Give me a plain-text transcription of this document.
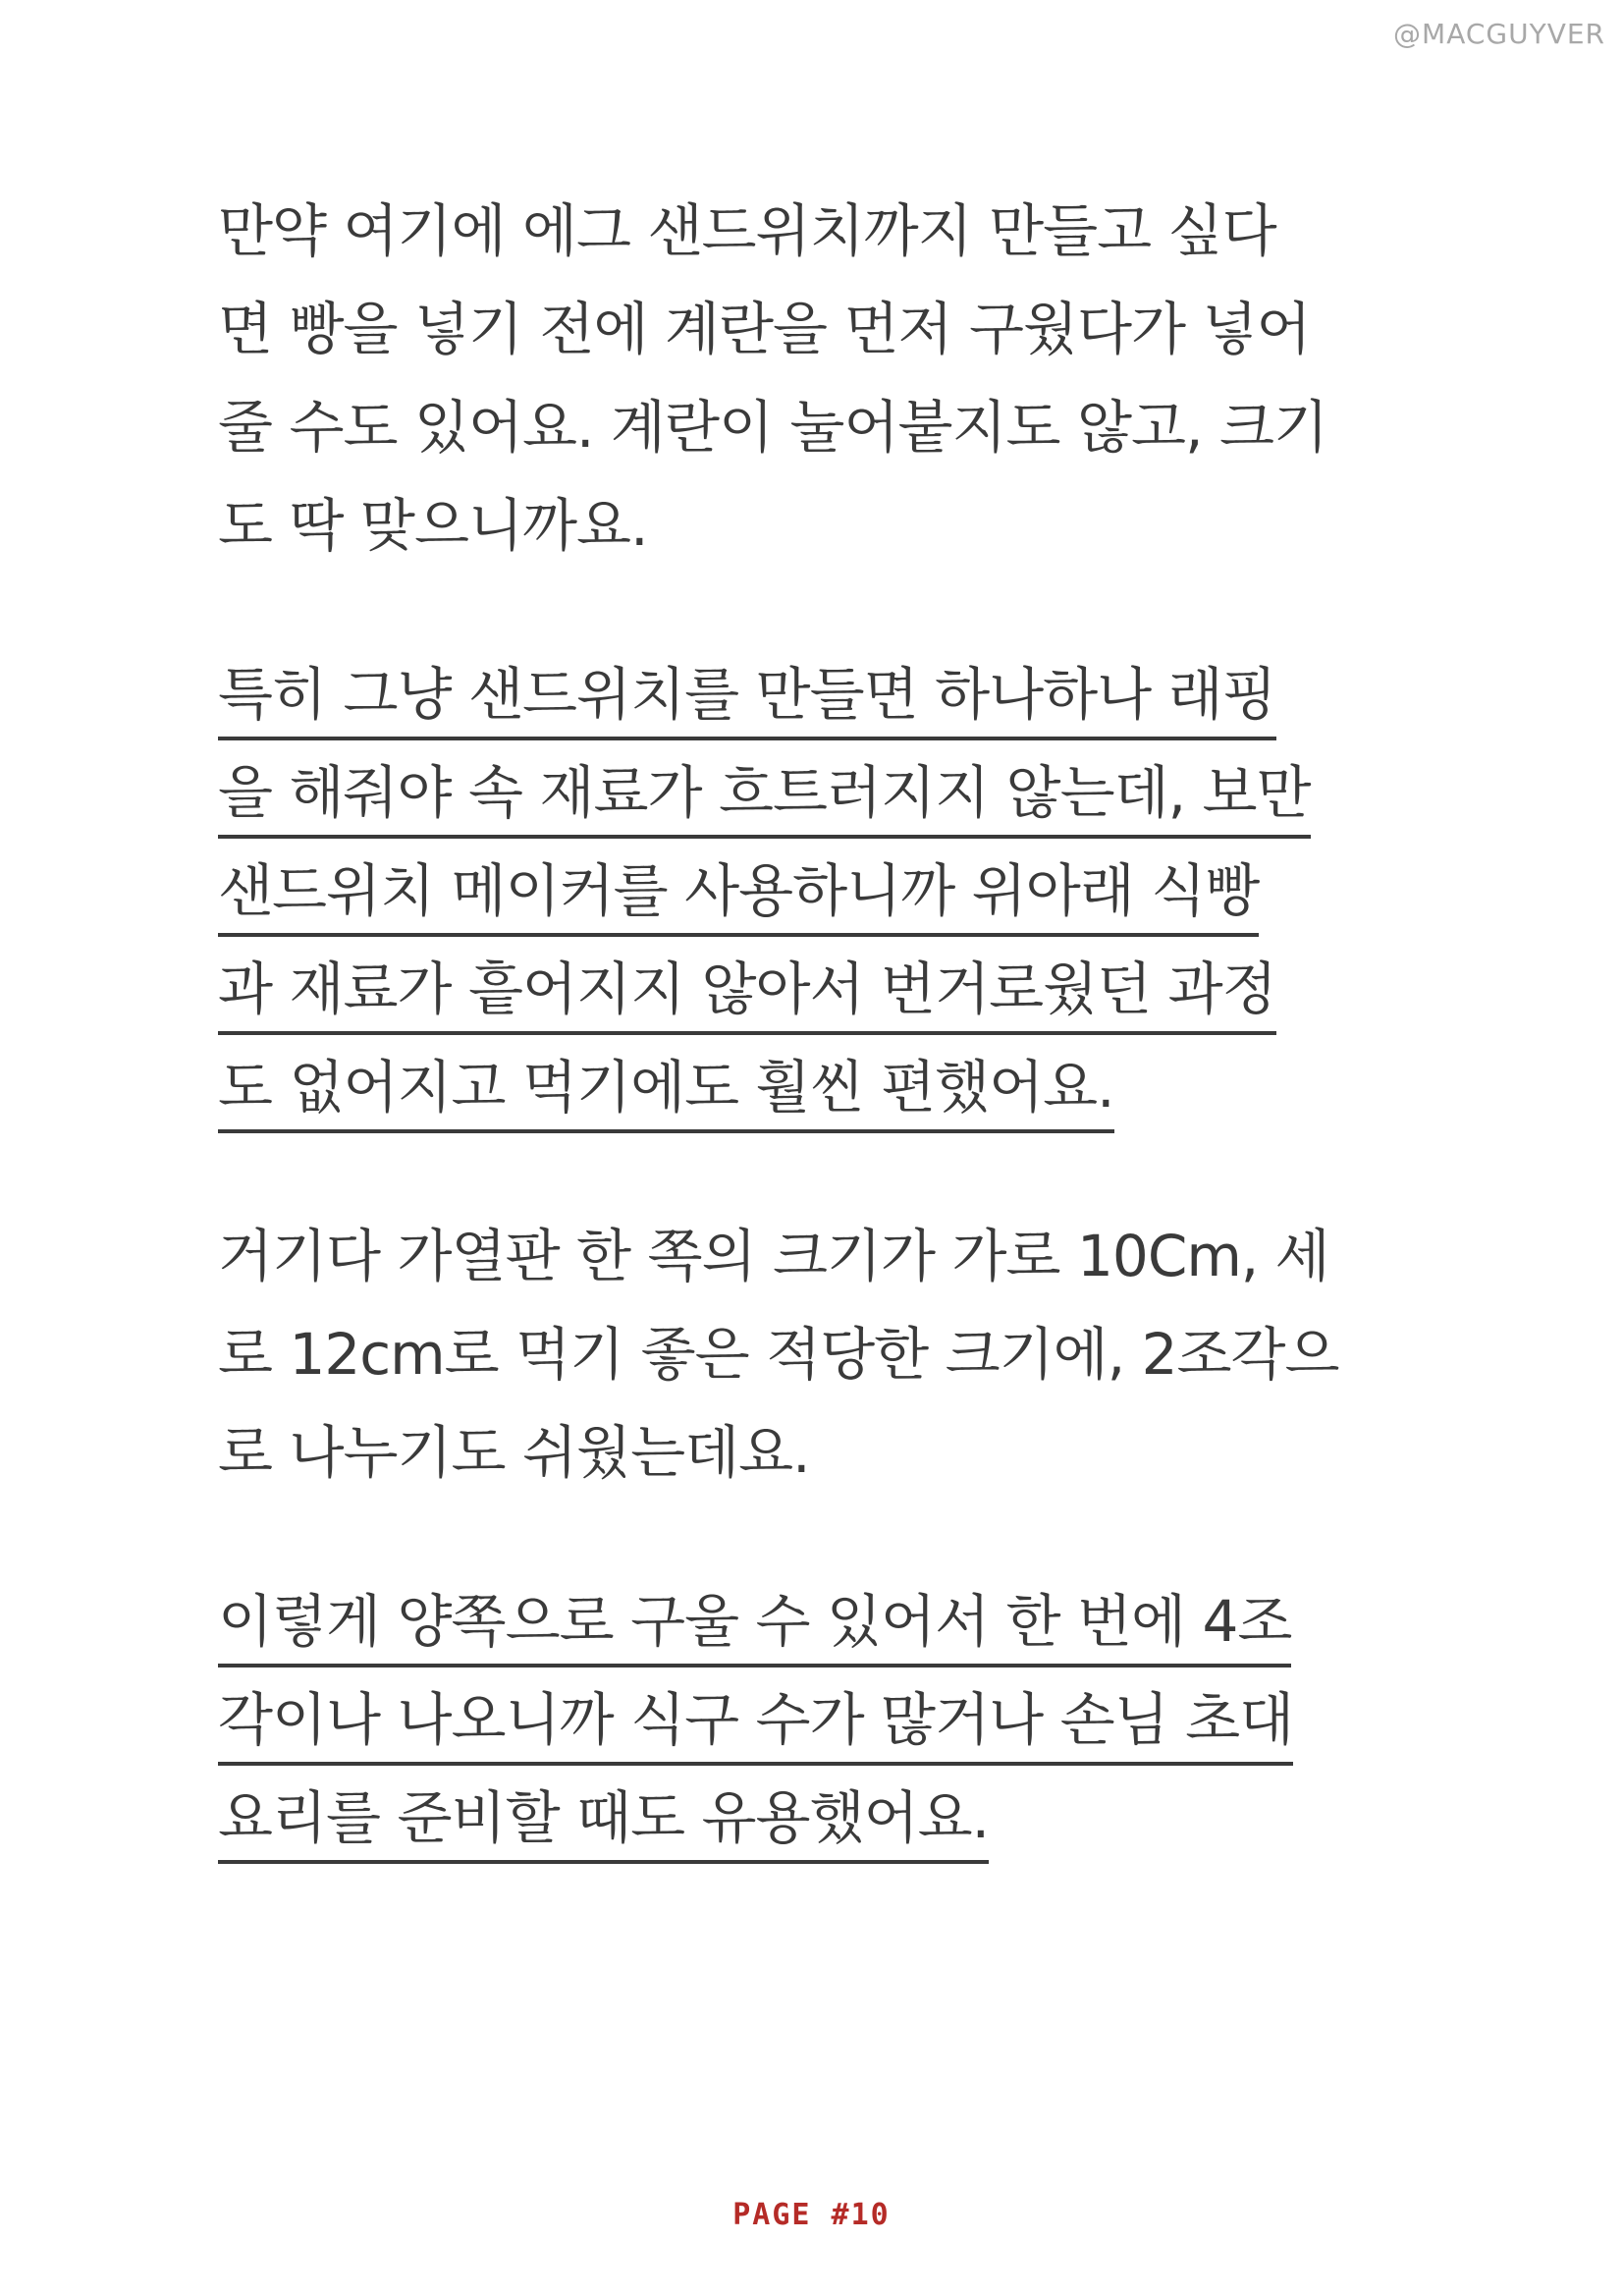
@MACGUYVER
만약 여기에 에그 샌드위치까지 만들고 싶다
면 빵을 넣기 전에 계란을 먼저 구웠다가 넣어
줄 수도 있어요. 계란이 눌어붙지도 않고, 크기
도 딱 맞으니까요.
특히 그냥 샌드위치를 만들면 하나하나 래핑
을 해줘야 속 재료가 흐트러지지 않는데, 보만
샌드위치 메이커를 사용하니까 위아래 식빵
과 재료가 흩어지지 않아서 번거로웠던 과정
도 없어지고 먹기에도 훨씬 편했어요.
거기다 가열판 한 쪽의 크기가 가로 10Cm, 세
로 12cm로 먹기 좋은 적당한 크기에, 2조각으
로 나누기도 쉬웠는데요.
이렇게 양쪽으로 구울 수 있어서 한 번에 4조
각이나 나오니까 식구 수가 많거나 손님 초대
요리를 준비할 때도 유용했어요.
PAGE #10
